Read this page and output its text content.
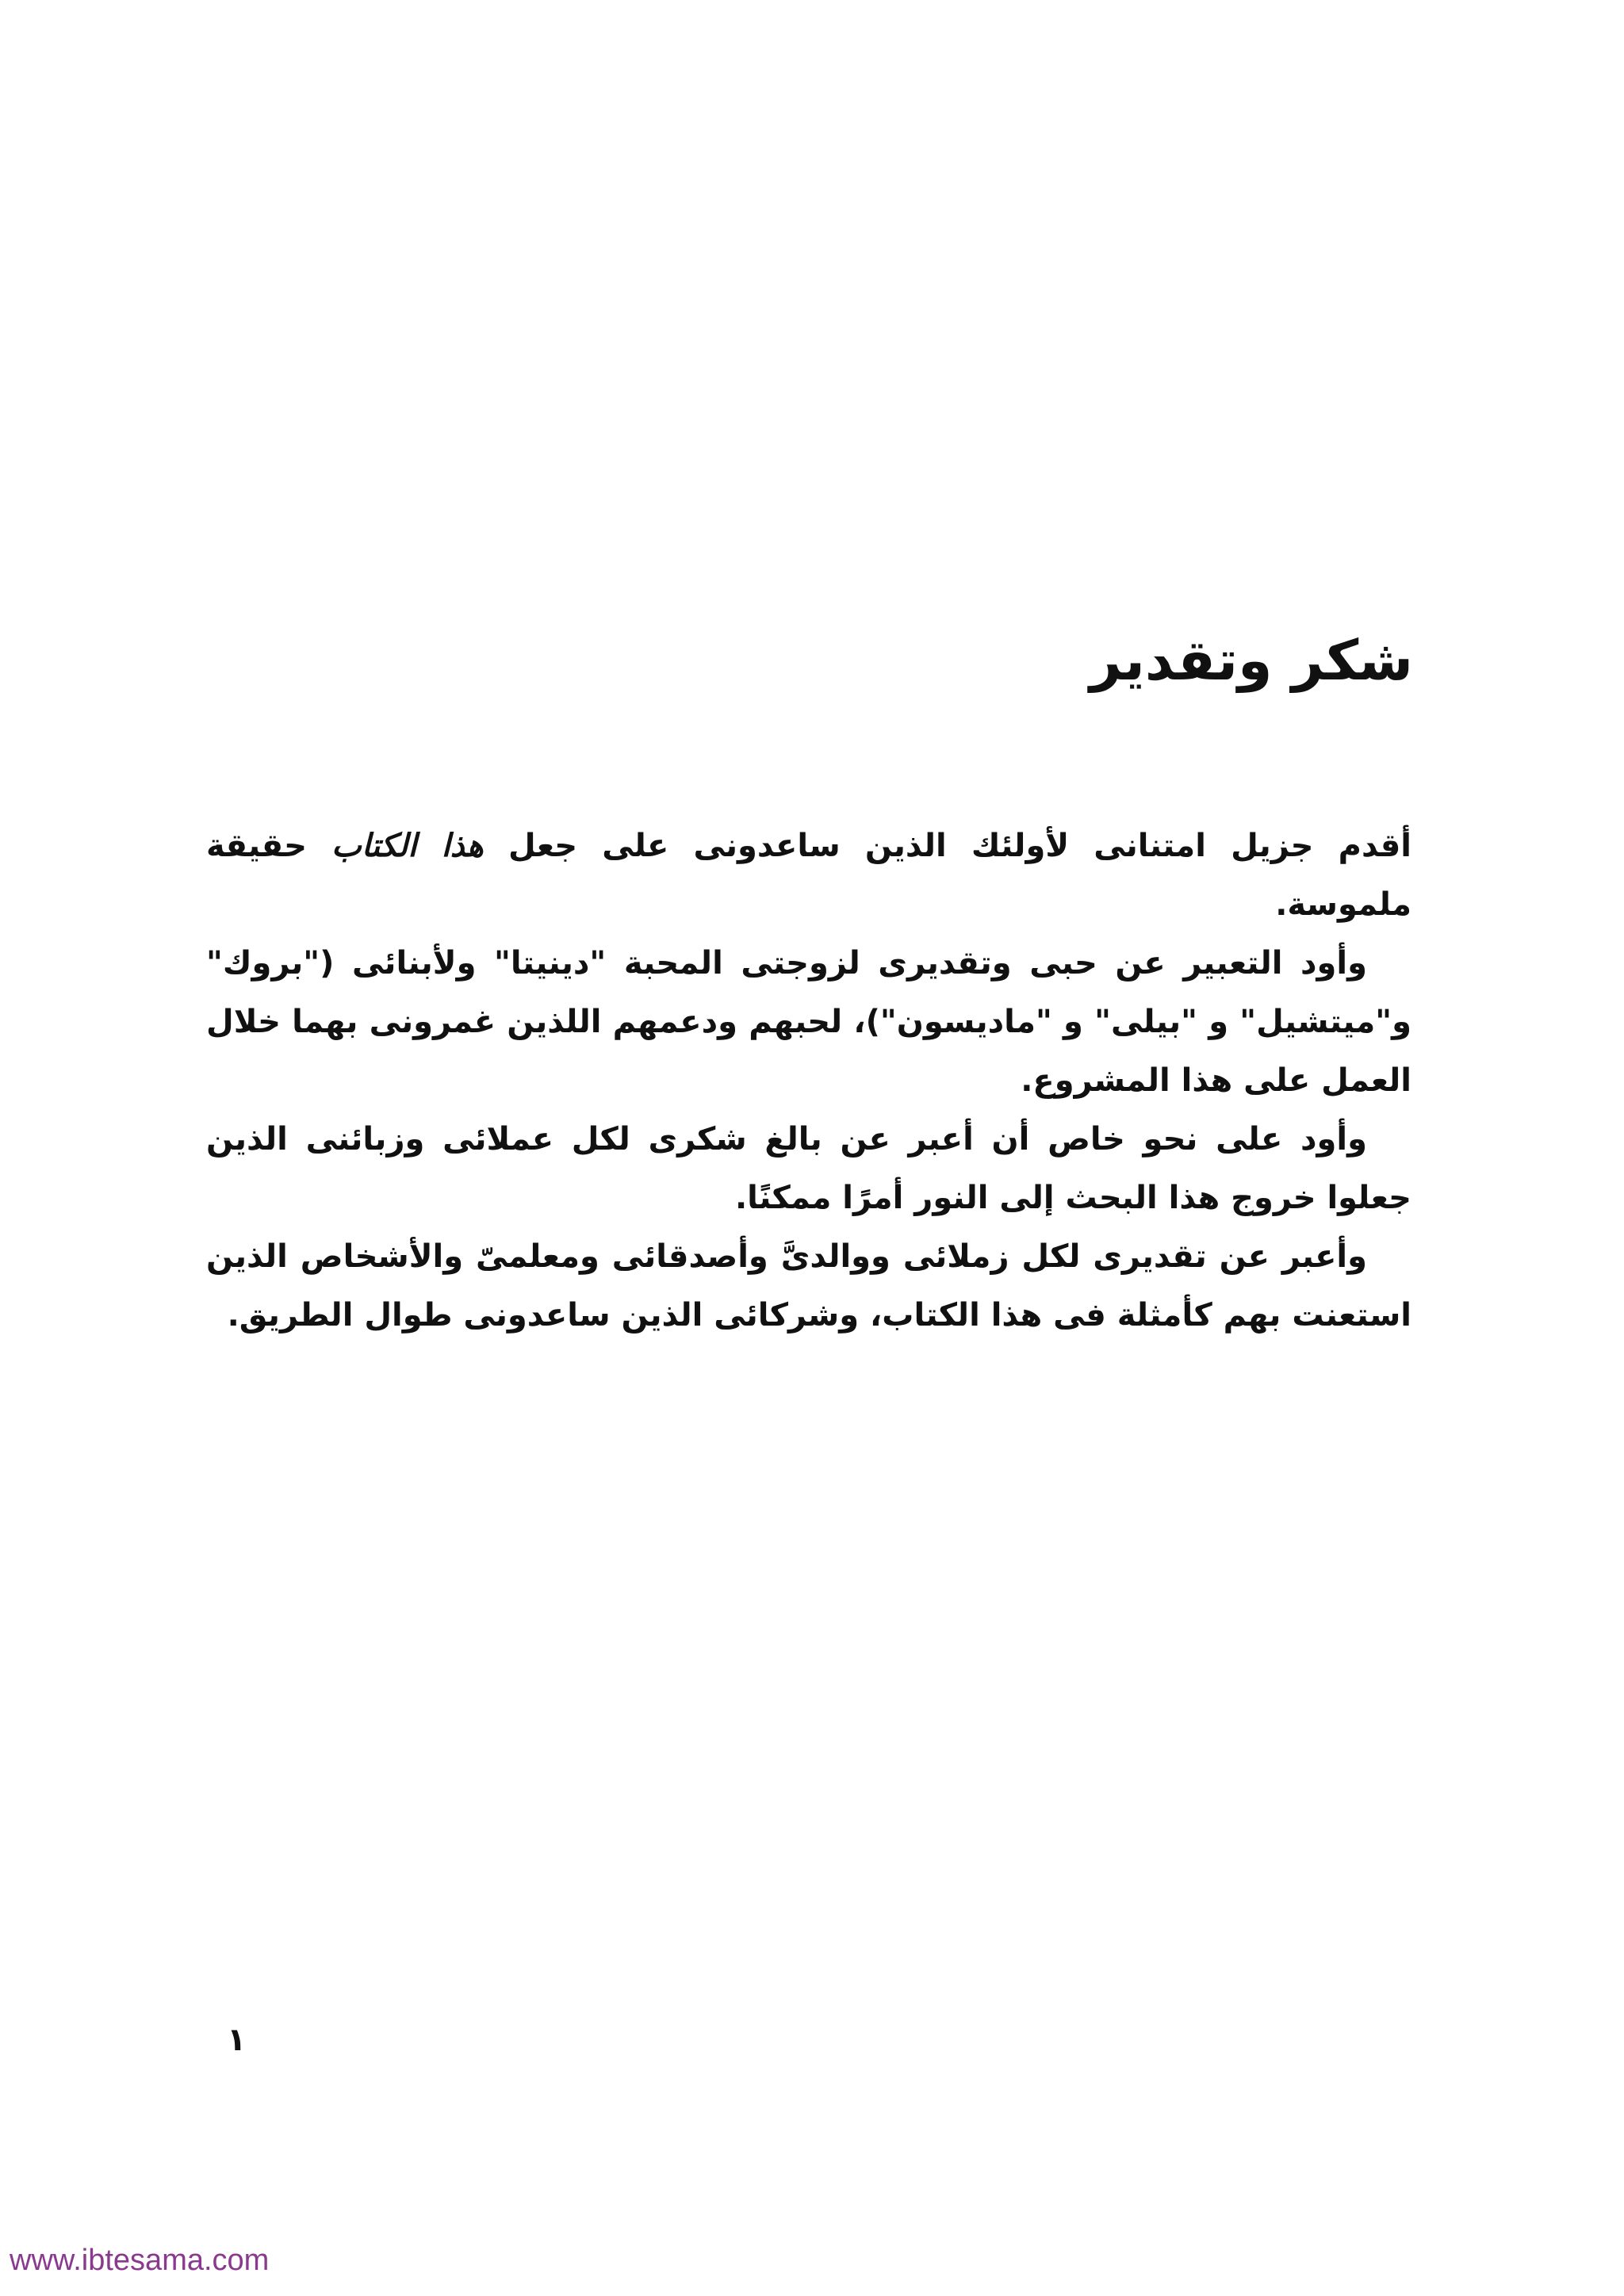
شكر وتقدير

أقدم جزيل امتنانى لأولئك الذين ساعدونى على جعل هذا الكتاب حقيقة ملموسة.

وأود التعبير عن حبى وتقديرى لزوجتى المحبة "دينيتا" ولأبنائى ("بروك" و"ميتشيل" و "بيلى" و "ماديسون")، لحبهم ودعمهم اللذين غمرونى بهما خلال العمل على هذا المشروع.

وأود على نحو خاص أن أعبر عن بالغ شكرى لكل عملائى وزبائنى الذين جعلوا خروج هذا البحث إلى النور أمرًا ممكنًا.

وأعبر عن تقديرى لكل زملائى ووالدىَّ وأصدقائى ومعلمىّ والأشخاص الذين استعنت بهم كأمثلة فى هذا الكتاب، وشركائى الذين ساعدونى طوال الطريق.

١
www.ibtesama.com
